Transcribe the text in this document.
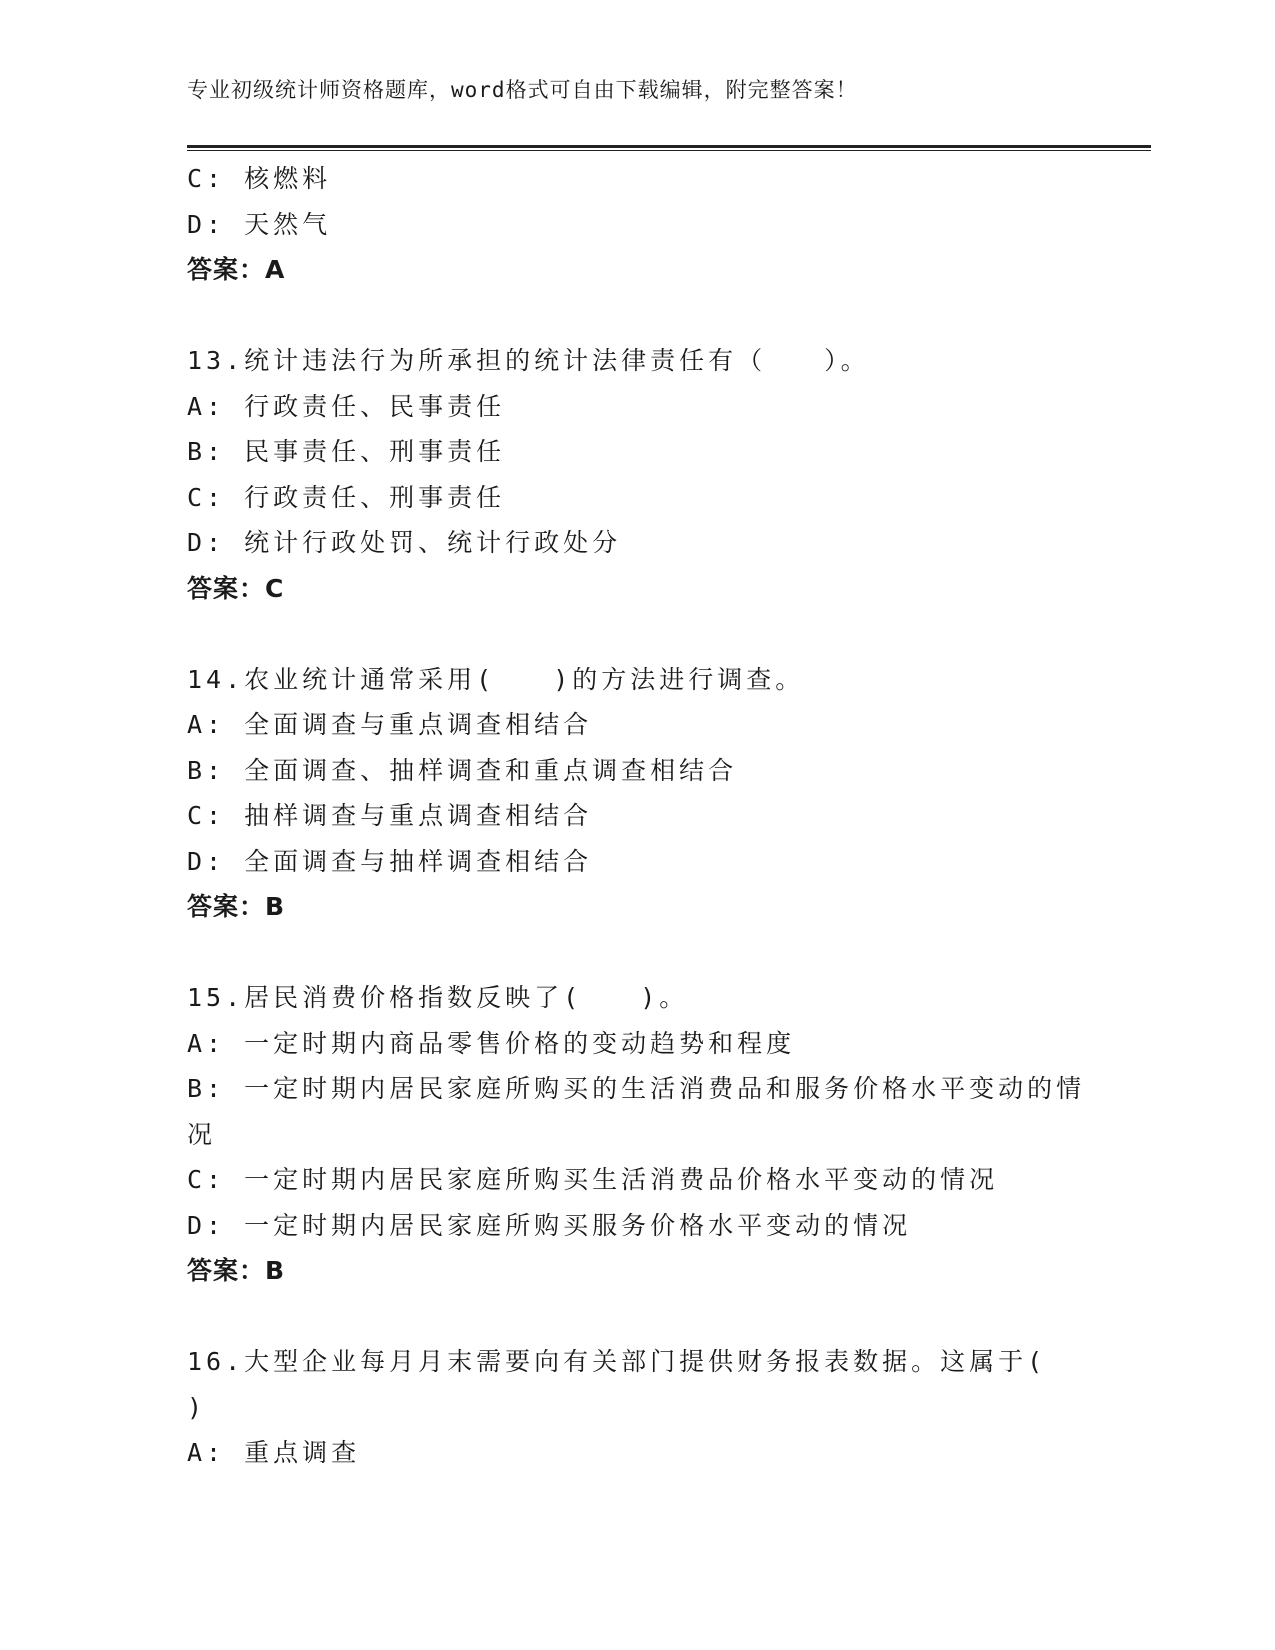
专业初级统计师资格题库，word格式可自由下载编辑，附完整答案！
C: 核燃料
D: 天然气
答案：A
13.统计违法行为所承担的统计法律责任有（　　）。
A: 行政责任、民事责任
B: 民事责任、刑事责任
C: 行政责任、刑事责任
D: 统计行政处罚、统计行政处分
答案：C
14.农业统计通常采用(　　)的方法进行调查。
A: 全面调查与重点调查相结合
B: 全面调查、抽样调查和重点调查相结合
C: 抽样调查与重点调查相结合
D: 全面调查与抽样调查相结合
答案：B
15.居民消费价格指数反映了(　　)。
A: 一定时期内商品零售价格的变动趋势和程度
B: 一定时期内居民家庭所购买的生活消费品和服务价格水平变动的情
况
C: 一定时期内居民家庭所购买生活消费品价格水平变动的情况
D: 一定时期内居民家庭所购买服务价格水平变动的情况
答案：B
16.大型企业每月月末需要向有关部门提供财务报表数据。这属于(
)
A: 重点调查
